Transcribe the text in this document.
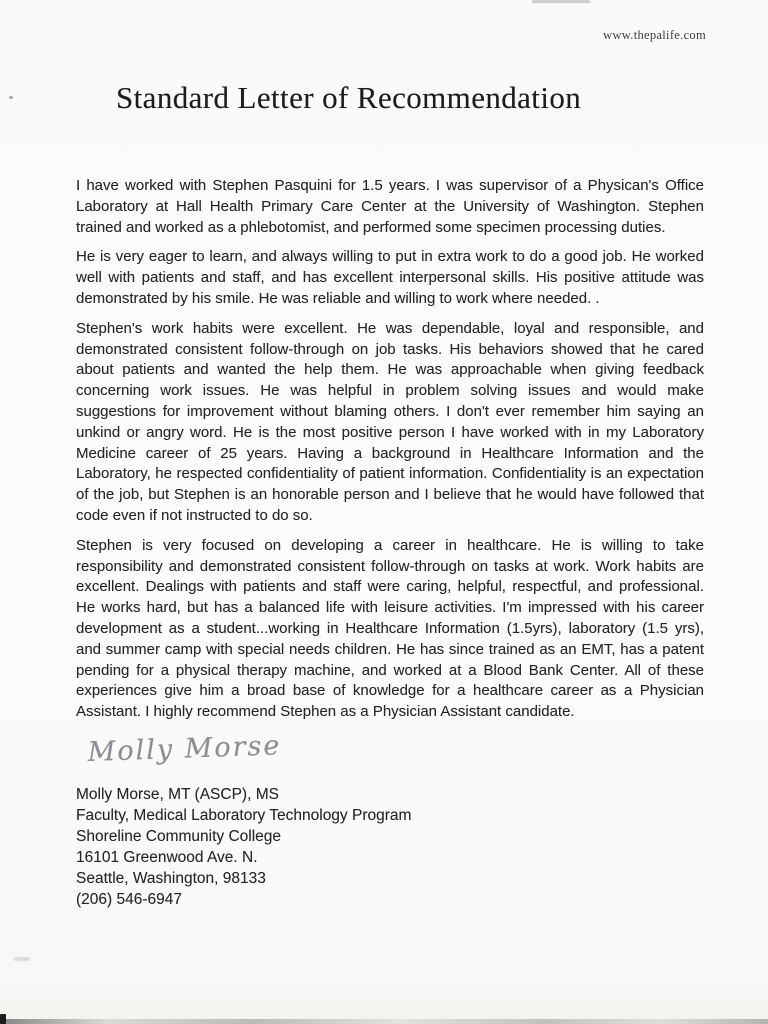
www.thepalife.com
Standard Letter of Recommendation

I have worked with Stephen Pasquini for 1.5 years. I was supervisor of a Physican's Office Laboratory at Hall Health Primary Care Center at the University of Washington. Stephen trained and worked as a phlebotomist, and performed some specimen processing duties.

He is very eager to learn, and always willing to put in extra work to do a good job. He worked well with patients and staff, and has excellent interpersonal skills. His positive attitude was demonstrated by his smile. He was reliable and willing to work where needed. .

Stephen's work habits were excellent. He was dependable, loyal and responsible, and demonstrated consistent follow-through on job tasks. His behaviors showed that he cared about patients and wanted the help them. He was approachable when giving feedback concerning work issues. He was helpful in problem solving issues and would make suggestions for improvement without blaming others. I don't ever remember him saying an unkind or angry word. He is the most positive person I have worked with in my Laboratory Medicine career of 25 years. Having a background in Healthcare Information and the Laboratory, he respected confidentiality of patient information. Confidentiality is an expectation of the job, but Stephen is an honorable person and I believe that he would have followed that code even if not instructed to do so.

Stephen is very focused on developing a career in healthcare. He is willing to take responsibility and demonstrated consistent follow-through on tasks at work. Work habits are excellent. Dealings with patients and staff were caring, helpful, respectful, and professional. He works hard, but has a balanced life with leisure activities. I'm impressed with his career development as a student...working in Healthcare Information (1.5yrs), laboratory (1.5 yrs), and summer camp with special needs children. He has since trained as an EMT, has a patent pending for a physical therapy machine, and worked at a Blood Bank Center. All of these experiences give him a broad base of knowledge for a healthcare career as a Physician Assistant. I highly recommend Stephen as a Physician Assistant candidate.

Molly Morse
Molly Morse, MT (ASCP), MS
Faculty, Medical Laboratory Technology Program
Shoreline Community College
16101 Greenwood Ave. N.
Seattle, Washington, 98133
(206) 546-6947
